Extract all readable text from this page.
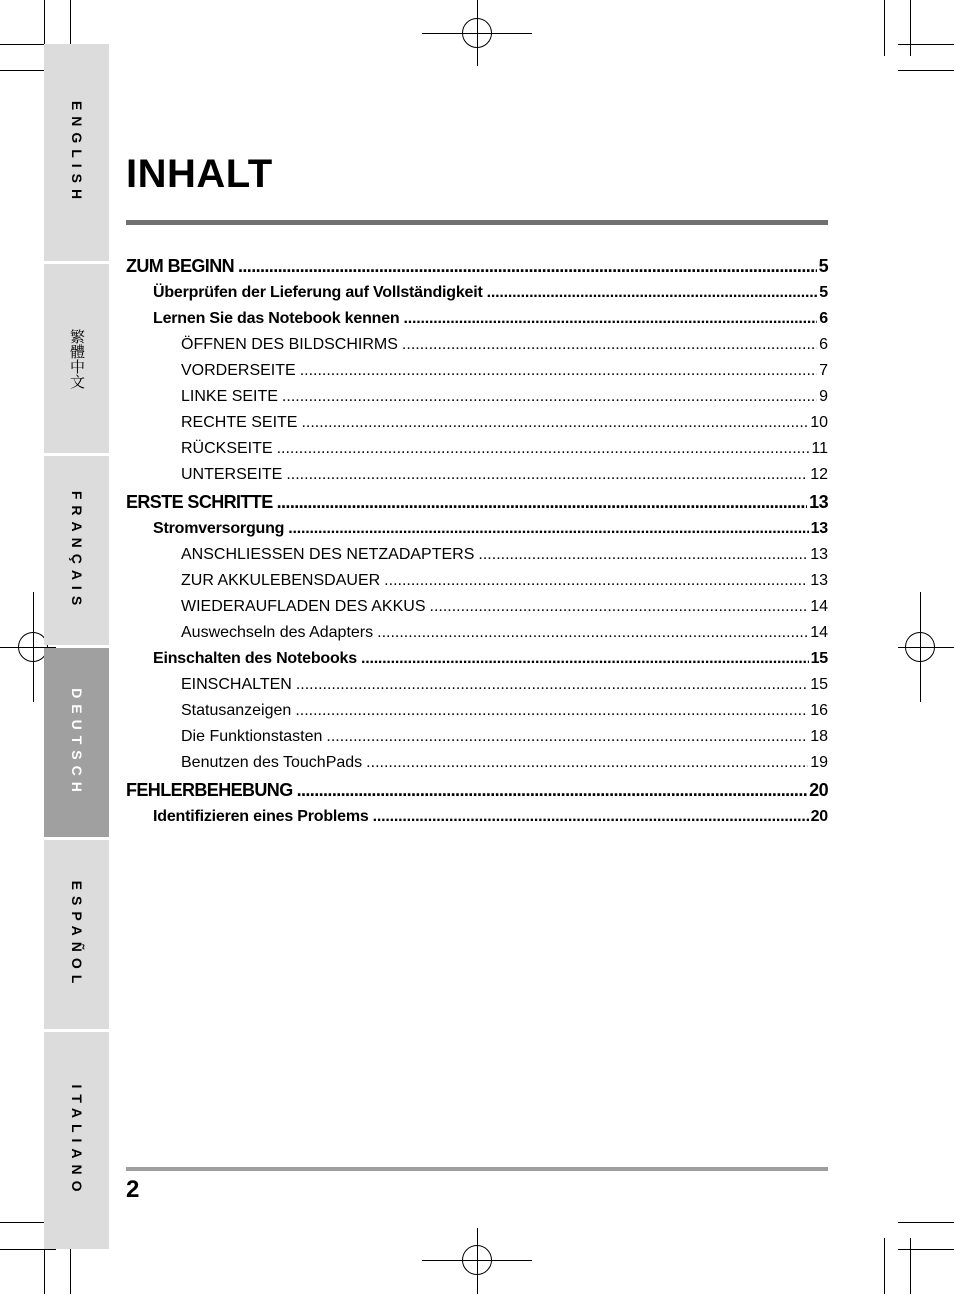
ENGLISH
繁體中文
FRANÇAIS
DEUTSCH
ESPAÑOL
ITALIANO
INHALT
ZUM BEGINN .....	5
Überprüfen der Lieferung auf Vollständigkeit .....	5
Lernen Sie das Notebook kennen .....	6
ÖFFNEN DES BILDSCHIRMS .....	6
VORDERSEITE .....	7
LINKE SEITE .....	9
RECHTE SEITE .....	10
RÜCKSEITE .....	11
UNTERSEITE .....	12
ERSTE SCHRITTE .....	13
Stromversorgung .....	13
ANSCHLIESSEN DES NETZADAPTERS .....	13
ZUR AKKULEBENSDAUER .....	13
WIEDERAUFLADEN DES AKKUS .....	14
Auswechseln des Adapters .....	14
Einschalten des Notebooks .....	15
EINSCHALTEN .....	15
Statusanzeigen .....	16
Die Funktionstasten .....	18
Benutzen des TouchPads .....	19
FEHLERBEHEBUNG .....	20
Identifizieren eines Problems .....	20
2
